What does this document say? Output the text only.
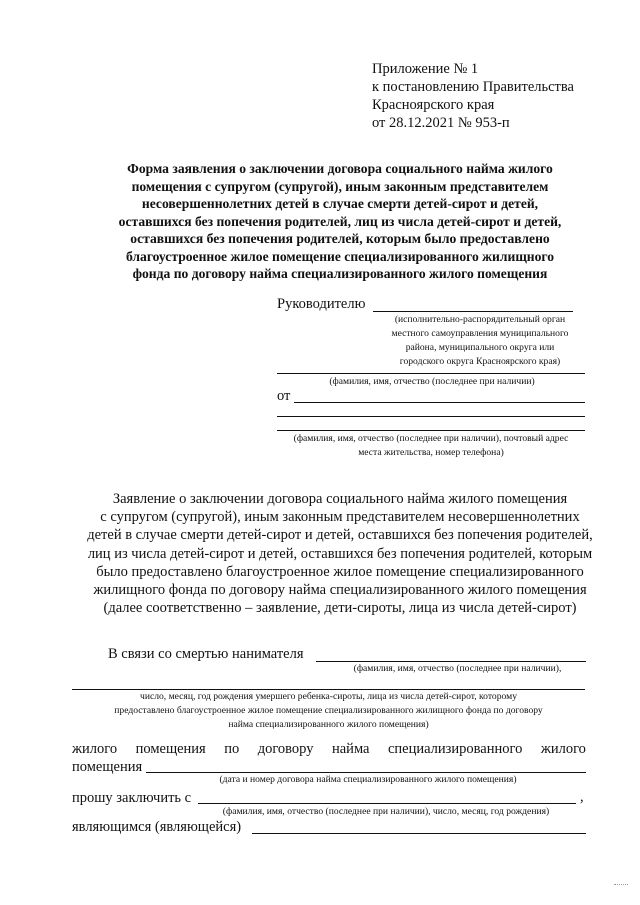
Приложение № 1
к постановлению Правительства
Красноярского края
от 28.12.2021 № 953-п
Форма заявления о заключении договора социального найма жилого
помещения с супругом (супругой), иным законным представителем
несовершеннолетних детей в случае смерти детей-сирот и детей,
оставшихся без попечения родителей, лиц из числа детей-сирот и детей,
оставшихся без попечения родителей, которым было предоставлено
благоустроенное жилое помещение специализированного жилищного
фонда по договору найма специализированного жилого помещения
Руководителю
(исполнительно-распорядительный орган
местного самоуправления муниципального
района, муниципального округа или
городского округа Красноярского края)
(фамилия, имя, отчество (последнее при наличии)
от
(фамилия, имя, отчество (последнее при наличии), почтовый адрес
места жительства, номер телефона)
Заявление о заключении договора социального найма жилого помещения
с супругом (супругой), иным законным представителем несовершеннолетних
детей в случае смерти детей-сирот и детей, оставшихся без попечения родителей,
лиц из числа детей-сирот и детей, оставшихся без попечения родителей, которым
было предоставлено благоустроенное жилое помещение специализированного
жилищного фонда по договору найма специализированного жилого помещения
(далее соответственно – заявление, дети-сироты, лица из числа детей-сирот)
В связи со смертью нанимателя
(фамилия, имя, отчество (последнее при наличии),
число, месяц, год рождения умершего ребенка-сироты, лица из числа детей-сирот, которому
предоставлено благоустроенное жилое помещение специализированного жилищного фонда по договору
найма специализированного жилого помещения)
жилого помещения по договору найма специализированного жилого
помещения
(дата и номер договора найма специализированного жилого помещения)
прошу заключить с	,
(фамилия, имя, отчество (последнее при наличии), число, месяц, год рождения)
являющимся (являющейся)
